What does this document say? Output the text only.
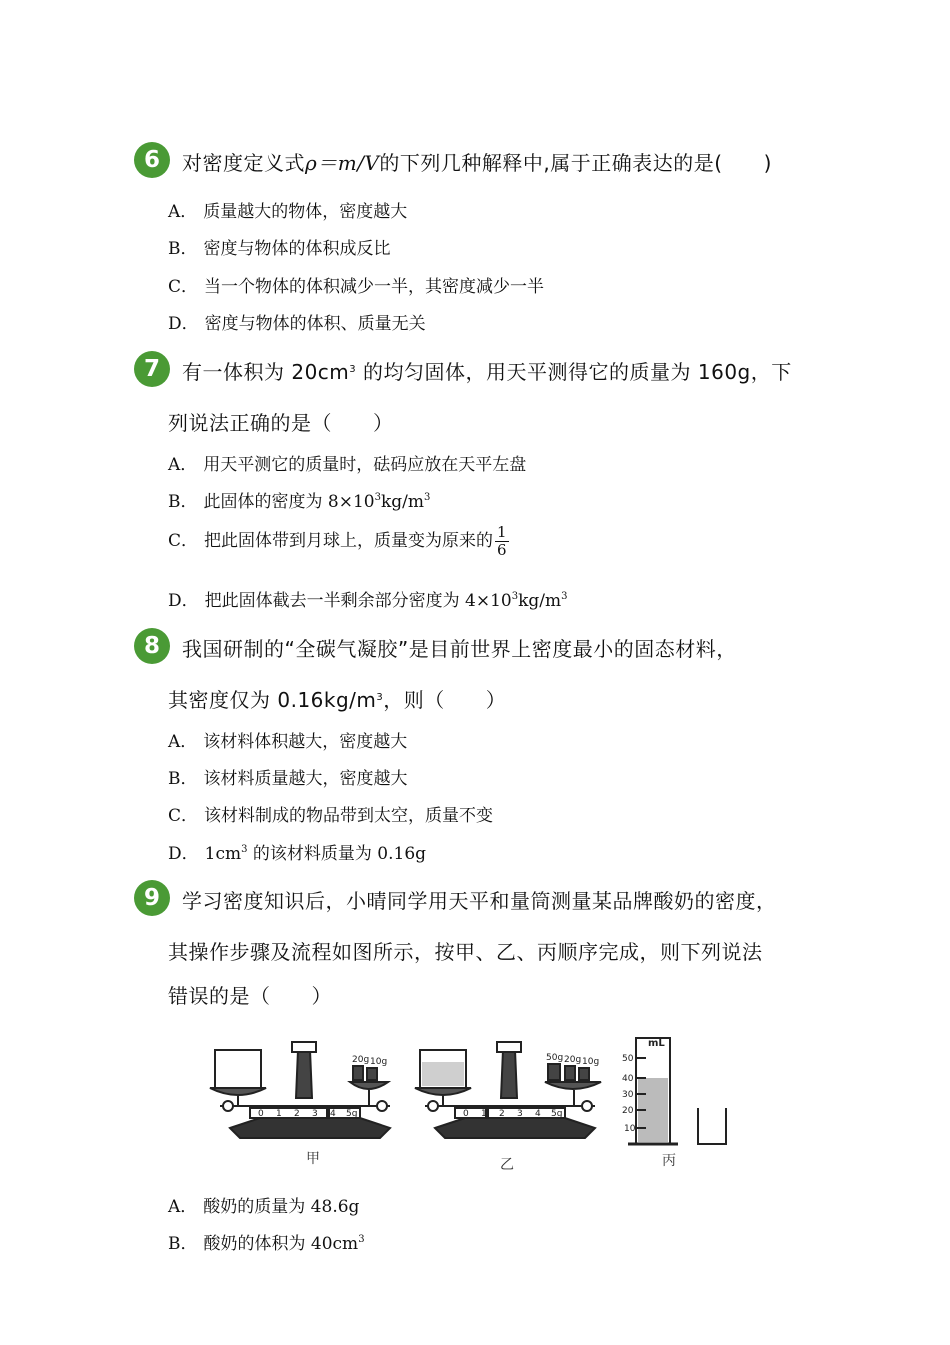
6	对密度定义式ρ＝m/V的下列几种解释中,属于正确表达的是(　　)
A． 质量越大的物体，密度越大
B． 密度与物体的体积成反比
C． 当一个物体的体积减少一半，其密度减少一半
D． 密度与物体的体积、质量无关
7	有一体积为 $20cm^3$ 的均匀固体，用天平测得它的质量为 160g，下
列说法正确的是（　　）
A． 用天平测它的质量时，砝码应放在天平左盘
B． 此固体的密度为 $8\times 10^3kg/m^3$
C． 把此固体带到月球上，质量变为原来的 $\frac{1}{6}$
D． 把此固体截去一半剩余部分密度为 $4\times 10^3kg/m^3$
8	我国研制的“全碳气凝胶”是目前世界上密度最小的固态材料，
其密度仅为 $0.16kg/m^3$，则（　　）
A． 该材料体积越大，密度越大
B． 该材料质量越大，密度越大
C． 该材料制成的物品带到太空，质量不变
D． $1cm^3$ 的该材料质量为 0.16g
9	学习密度知识后，小晴同学用天平和量筒测量某品牌酸奶的密度，
其操作步骤及流程如图所示，按甲、乙、丙顺序完成，则下列说法
错误的是（　　）
20g 10g	50g 20g 10g
0 1 2 3 4 5g	0 1 2 3 4 5g
mL
50
40
30
20
10
甲	乙	丙
A． 酸奶的质量为 48.6g
B． 酸奶的体积为 $40cm^3$
